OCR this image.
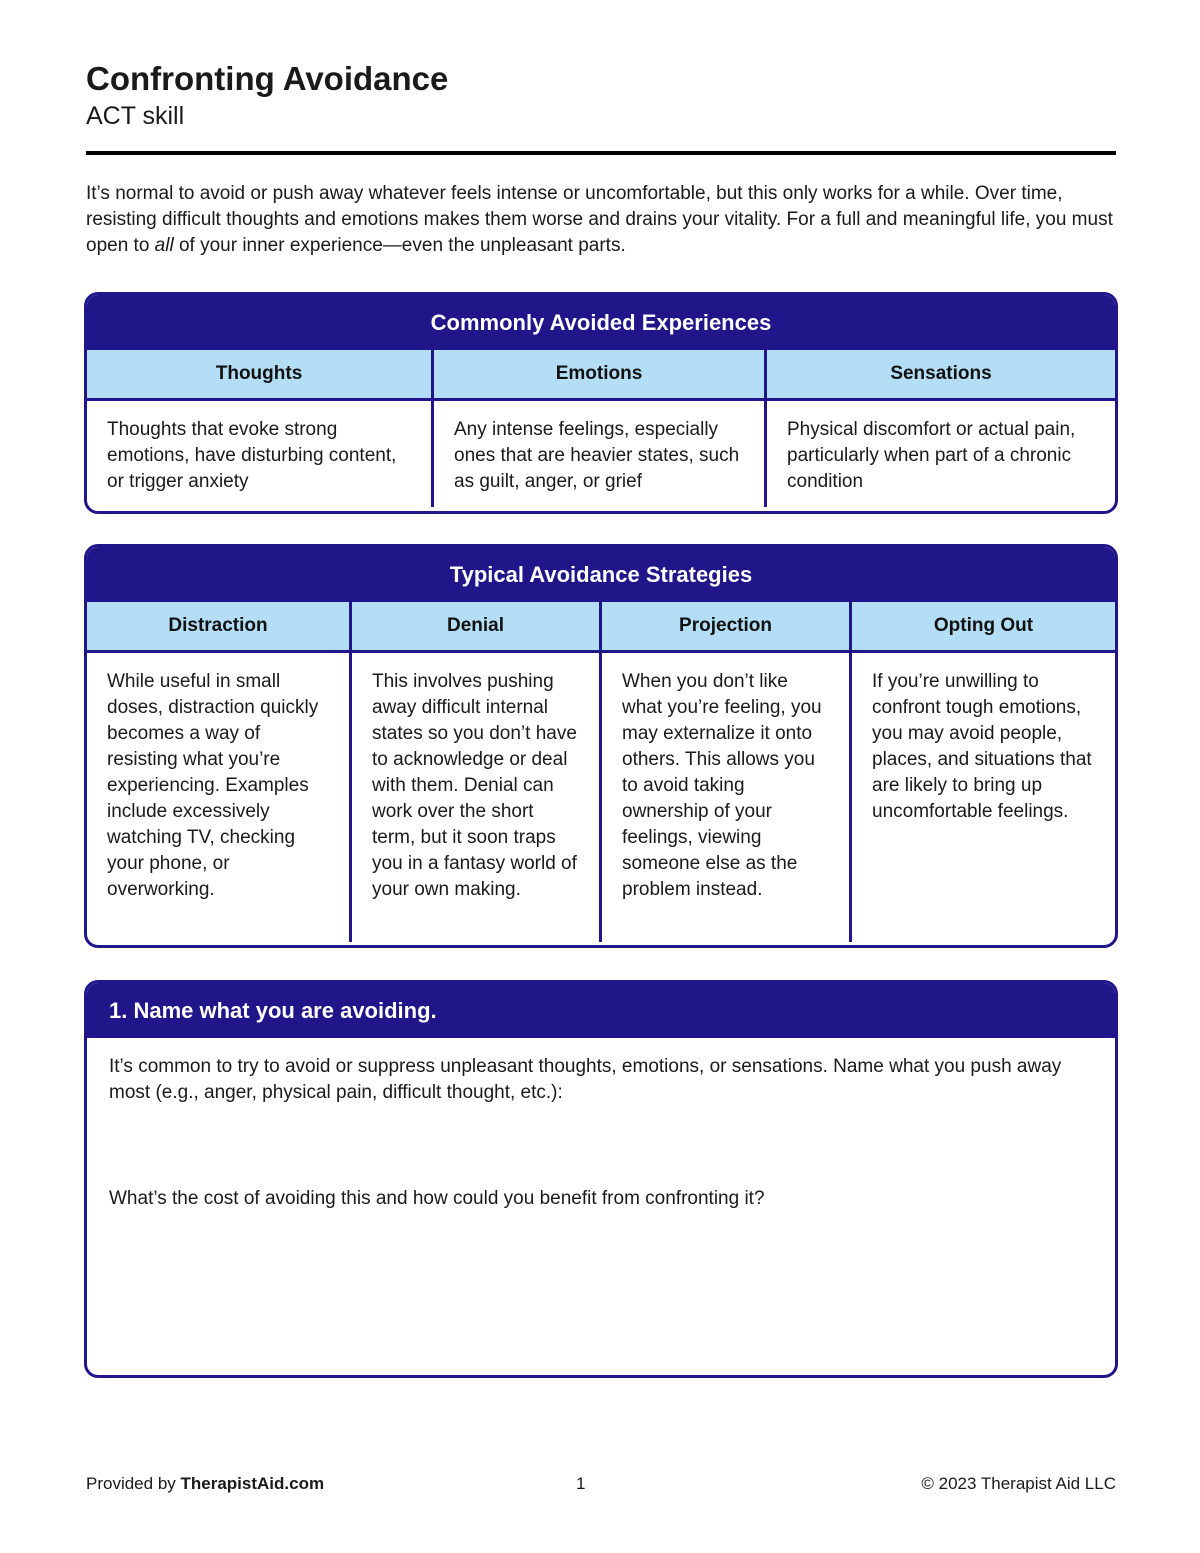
Confronting Avoidance
ACT skill

It’s normal to avoid or push away whatever feels intense or uncomfortable, but this only works for a while. Over time, resisting difficult thoughts and emotions makes them worse and drains your vitality. For a full and meaningful life, you must open to all of your inner experience—even the unpleasant parts.

Commonly Avoided Experiences
Thoughts
Thoughts that evoke strong emotions, have disturbing content, or trigger anxiety
Emotions
Any intense feelings, especially ones that are heavier states, such as guilt, anger, or grief
Sensations
Physical discomfort or actual pain, particularly when part of a chronic condition
Typical Avoidance Strategies
Distraction
While useful in small doses, distraction quickly becomes a way of resisting what you’re experiencing. Examples include excessively watching TV, checking your phone, or overworking.
Denial
This involves pushing away difficult internal states so you don’t have to acknowledge or deal with them. Denial can work over the short term, but it soon traps you in a fantasy world of your own making.
Projection
When you don’t like what you’re feeling, you may externalize it onto others. This allows you to avoid taking ownership of your feelings, viewing someone else as the problem instead.
Opting Out
If you’re unwilling to confront tough emotions, you may avoid people, places, and situations that are likely to bring up uncomfortable feelings.
1. Name what you are avoiding.
It’s common to try to avoid or suppress unpleasant thoughts, emotions, or sensations. Name what you push away most (e.g., anger, physical pain, difficult thought, etc.):
What’s the cost of avoiding this and how could you benefit from confronting it?
Provided by TherapistAid.com	1	© 2023 Therapist Aid LLC
